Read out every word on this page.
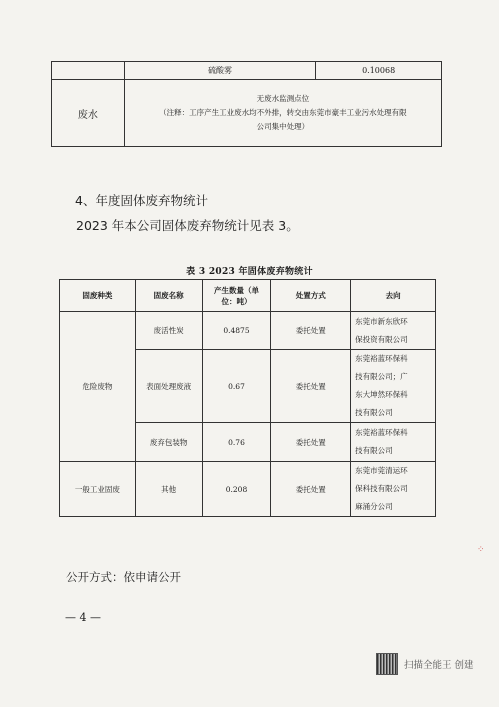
	硫酸雾	0.10068
废水	无废水监测点位
（注释：工序产生工业废水均不外排，转交由东莞市豪丰工业污水处理有限
公司集中处理）	
4、年度固体废弃物统计
2023 年本公司固体废弃物统计见表 3。
表 3 2023 年固体废弃物统计
固废种类	固废名称	产生数量（单
位：吨）	处置方式	去向
危险废物	废活性炭	0.4875	委托处置	东莞市新东欣环
保投资有限公司

	表面处理废液	0.67	委托处置	东莞裕蓝环保科
技有限公司；广
东大坤然环保科
技有限公司

	废弃包装物	0.76	委托处置	东莞裕蓝环保科
技有限公司

一般工业固废	其他	0.208	委托处置	东莞市莞清运环
保科技有限公司
麻涌分公司
公开方式：依申请公开
— 4 —
⁘
扫描全能王 创建
